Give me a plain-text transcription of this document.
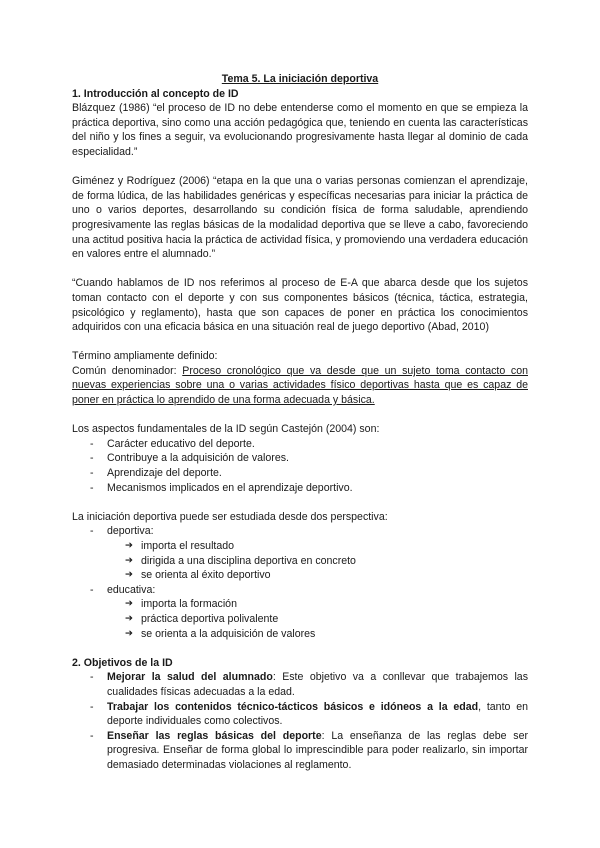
Tema 5. La iniciación deportiva

1. Introducción al concepto de ID

Blázquez (1986) “el proceso de ID no debe entenderse como el momento en que se empieza la práctica deportiva, sino como una acción pedagógica que, teniendo en cuenta las características del niño y los fines a seguir, va evolucionando progresivamente hasta llegar al dominio de cada especialidad.”

Giménez y Rodríguez (2006) “etapa en la que una o varias personas comienzan el aprendizaje, de forma lúdica, de las habilidades genéricas y específicas necesarias para iniciar la práctica de uno o varios deportes, desarrollando su condición física de forma saludable, aprendiendo progresivamente las reglas básicas de la modalidad deportiva que se lleve a cabo, favoreciendo una actitud positiva hacia la práctica de actividad física, y promoviendo una verdadera educación en valores entre el alumnado.”

“Cuando hablamos de ID nos referimos al proceso de E-A que abarca desde que los sujetos toman contacto con el deporte y con sus componentes básicos (técnica, táctica, estrategia, psicológico y reglamento), hasta que son capaces de poner en práctica los conocimientos adquiridos con una eficacia básica en una situación real de juego deportivo (Abad, 2010)

Término ampliamente definido:

Común denominador: Proceso cronológico que va desde que un sujeto toma contacto con nuevas experiencias sobre una o varias actividades físico deportivas hasta que es capaz de poner en práctica lo aprendido de una forma adecuada y básica.

Los aspectos fundamentales de la ID según Castejón (2004) son:

- Carácter educativo del deporte.
- Contribuye a la adquisición de valores.
- Aprendizaje del deporte.
- Mecanismos implicados en el aprendizaje deportivo.

La iniciación deportiva puede ser estudiada desde dos perspectiva:

- deportiva:
➔ importa el resultado
➔ dirigida a una disciplina deportiva en concreto
➔ se orienta al éxito deportivo
- educativa:
➔ importa la formación
➔ práctica deportiva polivalente
➔ se orienta a la adquisición de valores
2. Objetivos de la ID
- Mejorar la salud del alumnado: Este objetivo va a conllevar que trabajemos las cualidades físicas adecuadas a la edad.
- Trabajar los contenidos técnico-tácticos básicos e idóneos a la edad, tanto en deporte individuales como colectivos.
- Enseñar las reglas básicas del deporte: La enseñanza de las reglas debe ser progresiva. Enseñar de forma global lo imprescindible para poder realizarlo, sin importar demasiado determinadas violaciones al reglamento.
